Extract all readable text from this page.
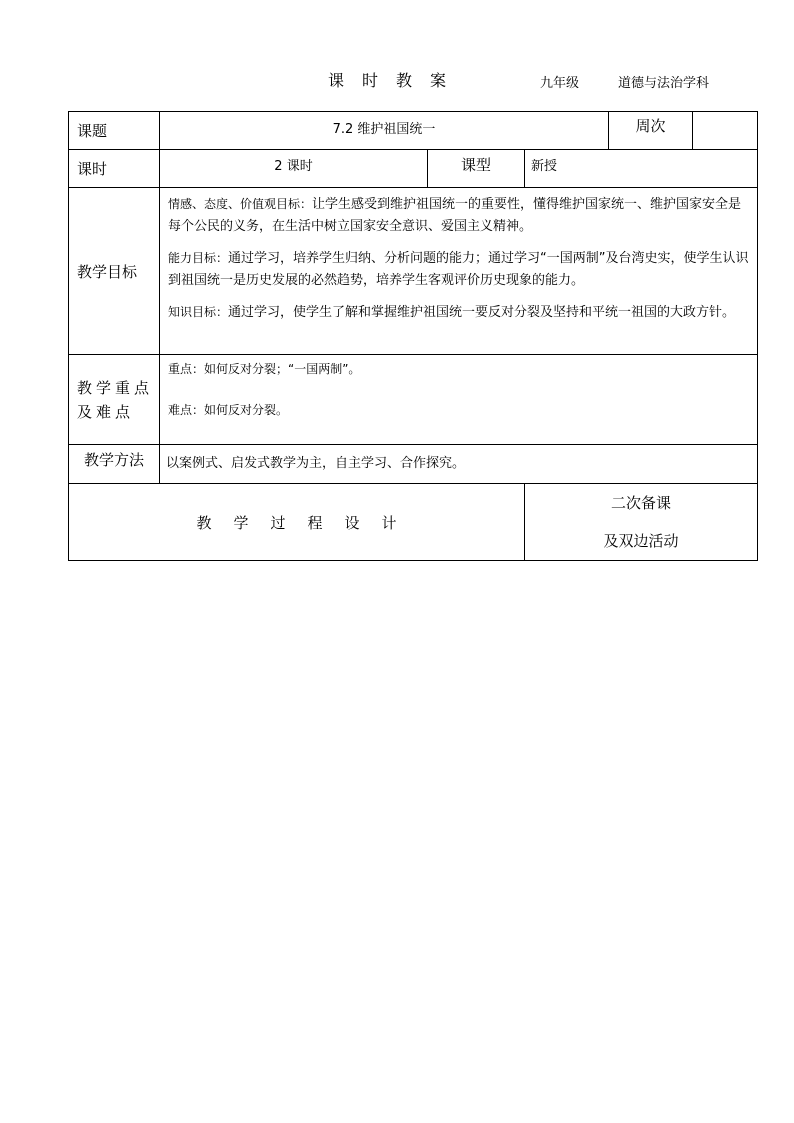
课 时 教 案	九年级	道德与法治学科
课题	7.2 维护祖国统一			周次

课时	2 课时	课型	新授	
教学目标	情感、态度、价值观目标：让学生感受到维护祖国统一的重要性，懂得维护国家统一、维护国家安全是每个公民的义务，在生活中树立国家安全意识、爱国主义精神。

能力目标：通过学习，培养学生归纳、分析问题的能力；通过学习“一国两制”及台湾史实，使学生认识到祖国统一是历史发展的必然趋势，培养学生客观评价历史现象的能力。

知识目标：通过学习，使学生了解和掌握维护祖国统一要反对分裂及坚持和平统一祖国的大政方针。			

教学重点及难点	重点：如何反对分裂；“一国两制”。

难点：如何反对分裂。			

教学方法	以案例式、启发式教学为主，自主学习、合作探究。			
教 学 过 程 设 计			二次备课
及双边活动	
